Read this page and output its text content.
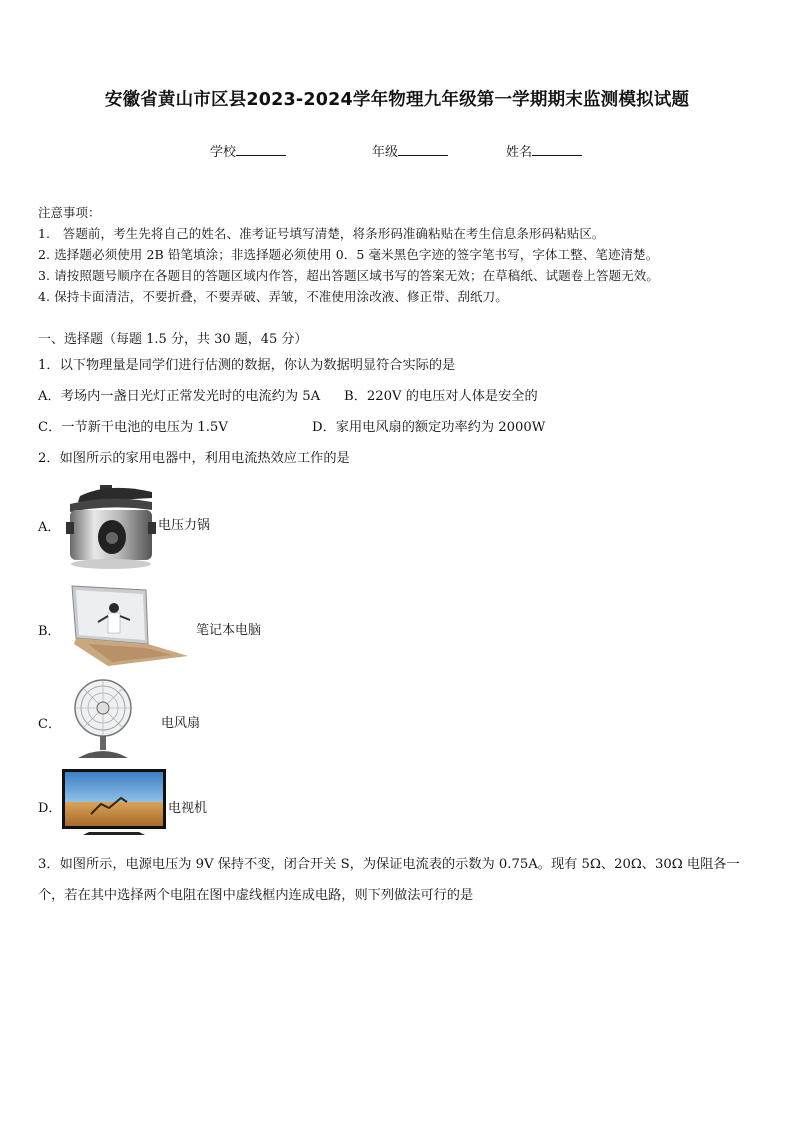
安徽省黄山市区县2023-2024学年物理九年级第一学期期末监测模拟试题
学校	年级	姓名
注意事项：
1.　答题前，考生先将自己的姓名、准考证号填写清楚，将条形码准确粘贴在考生信息条形码粘贴区。
2. 选择题必须使用 2B 铅笔填涂；非选择题必须使用 0．5 毫米黑色字迹的签字笔书写，字体工整、笔迹清楚。
3. 请按照题号顺序在各题目的答题区域内作答，超出答题区域书写的答案无效；在草稿纸、试题卷上答题无效。
4. 保持卡面清洁，不要折叠，不要弄破、弄皱，不准使用涂改液、修正带、刮纸刀。
一、选择题（每题 1.5 分，共 30 题，45 分）
1．以下物理量是同学们进行估测的数据，你认为数据明显符合实际的是
A．考场内一盏日光灯正常发光时的电流约为 5A B．220V 的电压对人体是安全的
C．一节新干电池的电压为 1.5V	D．家用电风扇的额定功率约为 2000W
2．如图所示的家用电器中，利用电流热效应工作的是
A．	电压力锅
B．	笔记本电脑
C．	电风扇
D．	电视机
3．如图所示，电源电压为 9V 保持不变，闭合开关 S，为保证电流表的示数为 0.75A。现有 5Ω、20Ω、30Ω 电阻各一
个，若在其中选择两个电阻在图中虚线框内连成电路，则下列做法可行的是
